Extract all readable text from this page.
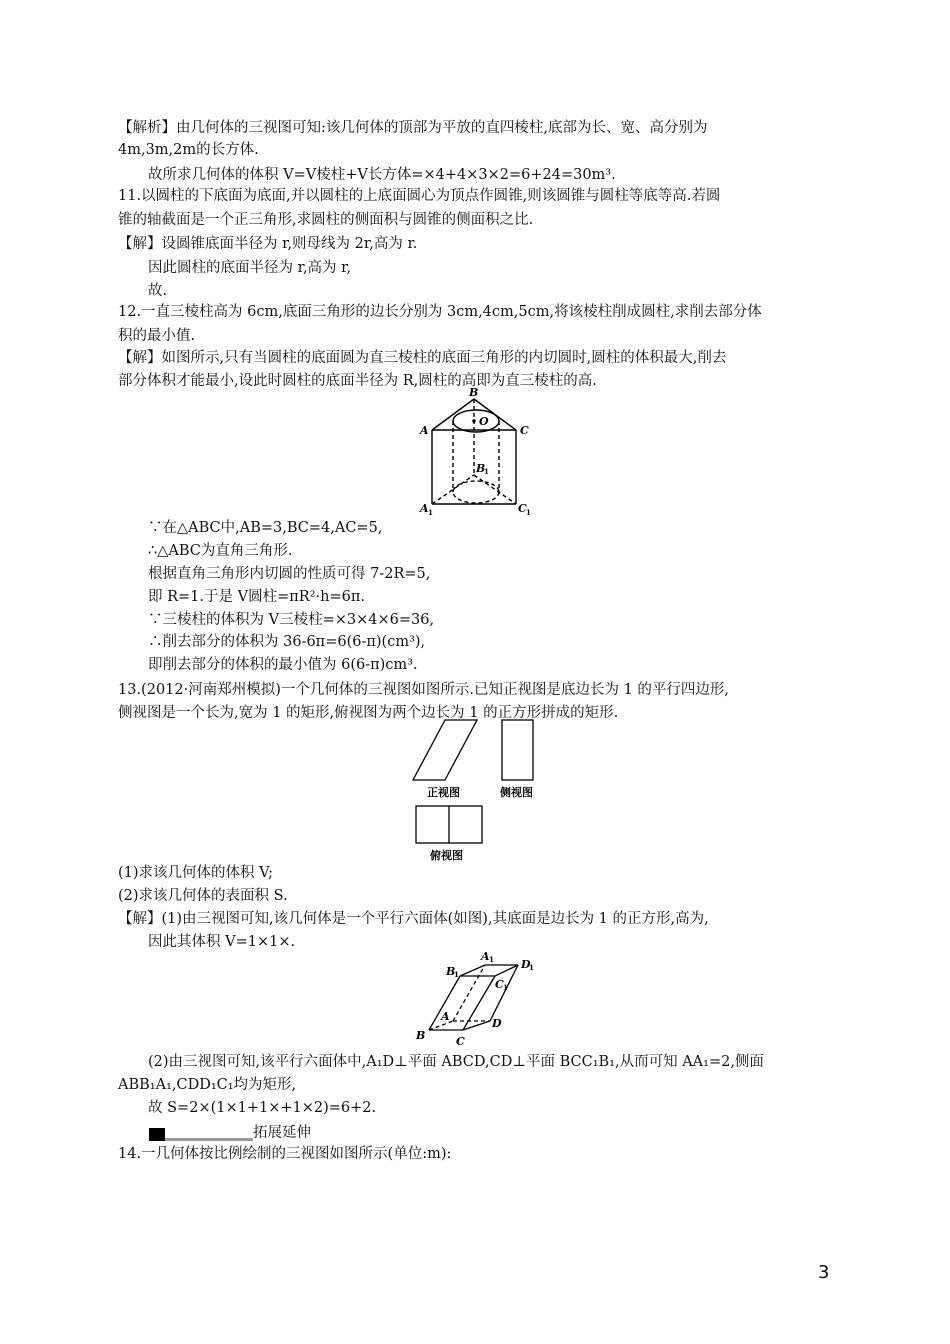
【解析】由几何体的三视图可知:该几何体的顶部为平放的直四棱柱,底部为长、宽、高分别为
4m,3m,2m的长方体.
故所求几何体的体积 V=V棱柱+V长方体=×4+4×3×2=6+24=30m³.
11.以圆柱的下底面为底面,并以圆柱的上底面圆心为顶点作圆锥,则该圆锥与圆柱等底等高.若圆
锥的轴截面是一个正三角形,求圆柱的侧面积与圆锥的侧面积之比.
【解】设圆锥底面半径为 r,则母线为 2r,高为 r.
因此圆柱的底面半径为 r,高为 r,
故.
12.一直三棱柱高为 6cm,底面三角形的边长分别为 3cm,4cm,5cm,将该棱柱削成圆柱,求削去部分体
积的最小值.
【解】如图所示,只有当圆柱的底面圆为直三棱柱的底面三角形的内切圆时,圆柱的体积最大,削去
部分体积才能最小,设此时圆柱的底面半径为 R,圆柱的高即为直三棱柱的高.
B
O
A	C
B
A	C
1
1	1
∵在△ABC中,AB=3,BC=4,AC=5,
∴△ABC为直角三角形.
根据直角三角形内切圆的性质可得 7-2R=5,
即 R=1.于是 V圆柱=πR²·h=6π.
∵三棱柱的体积为 V三棱柱=×3×4×6=36,
∴削去部分的体积为 36-6π=6(6-π)(cm³),
即削去部分的体积的最小值为 6(6-π)cm³.
13.(2012·河南郑州模拟)一个几何体的三视图如图所示.已知正视图是底边长为 1 的平行四边形,
侧视图是一个长为,宽为 1 的矩形,俯视图为两个边长为 1 的正方形拼成的矩形.
正视图	侧视图
俯视图
(1)求该几何体的体积 V;
(2)求该几何体的表面积 S.
【解】(1)由三视图可知,该几何体是一个平行六面体(如图),其底面是边长为 1 的正方形,高为,
因此其体积 V=1×1×.
A
D
B
C
A
D
B	C
1
1
1
1
(2)由三视图可知,该平行六面体中,A₁D⊥平面 ABCD,CD⊥平面 BCC₁B₁,从而可知 AA₁=2,侧面
ABB₁A₁,CDD₁C₁均为矩形,
故 S=2×(1×1+1×+1×2)=6+2.
拓展延伸
14.一几何体按比例绘制的三视图如图所示(单位:m):
3
